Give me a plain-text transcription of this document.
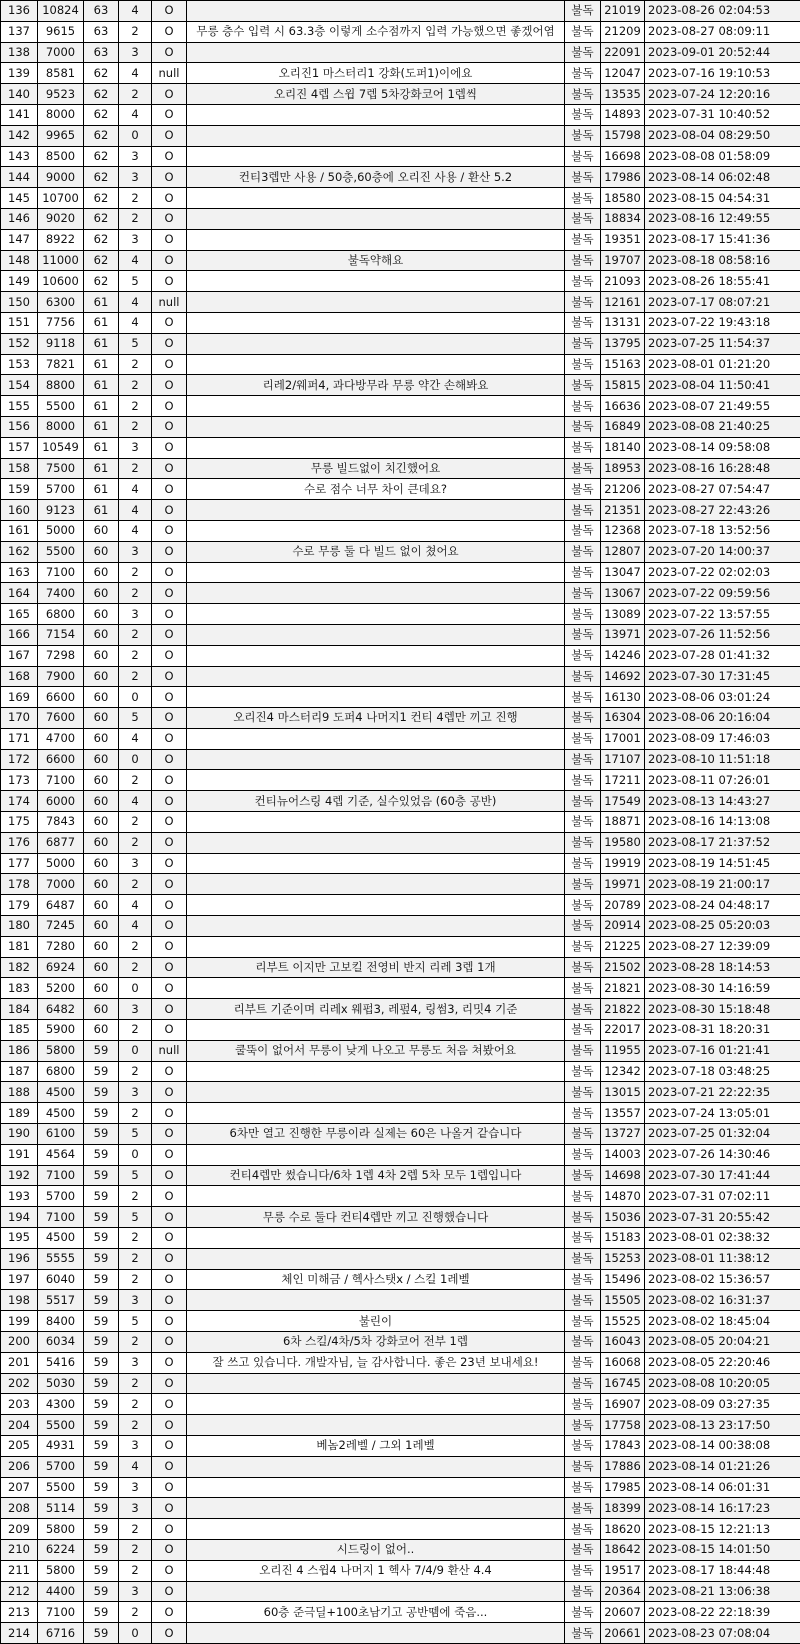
136	10824	63	4	O		불독	21019	2023-08-26 02:04:53
137	9615	63	2	O	무릉 층수 입력 시 63.3층 이렇게 소수점까지 입력 가능했으면 좋겠어염	불독	21209	2023-08-27 08:09:11
138	7000	63	3	O		불독	22091	2023-09-01 20:52:44
139	8581	62	4	null	오리진1 마스터리1 강화(도퍼1)이에요	불독	12047	2023-07-16 19:10:53
140	9523	62	2	O	오리진 4렙 스윕 7렙 5차강화코어 1렙씩	불독	13535	2023-07-24 12:20:16
141	8000	62	4	O		불독	14893	2023-07-31 10:40:52
142	9965	62	0	O		불독	15798	2023-08-04 08:29:50
143	8500	62	3	O		불독	16698	2023-08-08 01:58:09
144	9000	62	3	O	컨티3렙만 사용 / 50층,60층에 오리진 사용 / 환산 5.2	불독	17986	2023-08-14 06:02:48
145	10700	62	2	O		불독	18580	2023-08-15 04:54:31
146	9020	62	2	O		불독	18834	2023-08-16 12:49:55
147	8922	62	3	O		불독	19351	2023-08-17 15:41:36
148	11000	62	4	O	불독약해요	불독	19707	2023-08-18 08:58:16
149	10600	62	5	O		불독	21093	2023-08-26 18:55:41
150	6300	61	4	null		불독	12161	2023-07-17 08:07:21
151	7756	61	4	O		불독	13131	2023-07-22 19:43:18
152	9118	61	5	O		불독	13795	2023-07-25 11:54:37
153	7821	61	2	O		불독	15163	2023-08-01 01:21:20
154	8800	61	2	O	리레2/웨퍼4, 과다방무라 무릉 약간 손해봐요	불독	15815	2023-08-04 11:50:41
155	5500	61	2	O		불독	16636	2023-08-07 21:49:55
156	8000	61	2	O		불독	16849	2023-08-08 21:40:25
157	10549	61	3	O		불독	18140	2023-08-14 09:58:08
158	7500	61	2	O	무릉 빌드없이 치긴했어요	불독	18953	2023-08-16 16:28:48
159	5700	61	4	O	수로 점수 너무 차이 큰데요?	불독	21206	2023-08-27 07:54:47
160	9123	61	4	O		불독	21351	2023-08-27 22:43:26
161	5000	60	4	O		불독	12368	2023-07-18 13:52:56
162	5500	60	3	O	수로 무릉 둘 다 빌드 없이 쳤어요	불독	12807	2023-07-20 14:00:37
163	7100	60	2	O		불독	13047	2023-07-22 02:02:03
164	7400	60	2	O		불독	13067	2023-07-22 09:59:56
165	6800	60	3	O		불독	13089	2023-07-22 13:57:55
166	7154	60	2	O		불독	13971	2023-07-26 11:52:56
167	7298	60	2	O		불독	14246	2023-07-28 01:41:32
168	7900	60	2	O		불독	14692	2023-07-30 17:31:45
169	6600	60	0	O		불독	16130	2023-08-06 03:01:24
170	7600	60	5	O	오리진4 마스터리9 도퍼4 나머지1 컨티 4렙만 끼고 진행	불독	16304	2023-08-06 20:16:04
171	4700	60	4	O		불독	17001	2023-08-09 17:46:03
172	6600	60	0	O		불독	17107	2023-08-10 11:51:18
173	7100	60	2	O		불독	17211	2023-08-11 07:26:01
174	6000	60	4	O	컨티뉴어스링 4렙 기준, 실수있었음 (60층 공반)	불독	17549	2023-08-13 14:43:27
175	7843	60	2	O		불독	18871	2023-08-16 14:13:08
176	6877	60	2	O		불독	19580	2023-08-17 21:37:52
177	5000	60	3	O		불독	19919	2023-08-19 14:51:45
178	7000	60	2	O		불독	19971	2023-08-19 21:00:17
179	6487	60	4	O		불독	20789	2023-08-24 04:48:17
180	7245	60	4	O		불독	20914	2023-08-25 05:20:03
181	7280	60	2	O		불독	21225	2023-08-27 12:39:09
182	6924	60	2	O	리부트 이지만 고보킬 전영비 반지 리레 3렙 1개	불독	21502	2023-08-28 18:14:53
183	5200	60	0	O		불독	21821	2023-08-30 14:16:59
184	6482	60	3	O	리부트 기준이며 리레x 웨펍3, 레펖4, 링썸3, 리밋4 기준	불독	21822	2023-08-30 15:18:48
185	5900	60	2	O		불독	22017	2023-08-31 18:20:31
186	5800	59	0	null	쿨뚝이 없어서 무릉이 낮게 나오고 무릉도 처음 쳐봤어요	불독	11955	2023-07-16 01:21:41
187	6800	59	2	O		불독	12342	2023-07-18 03:48:25
188	4500	59	3	O		불독	13015	2023-07-21 22:22:35
189	4500	59	2	O		불독	13557	2023-07-24 13:05:01
190	6100	59	5	O	6차만 열고 진행한 무릉이라 실제는 60은 나올거 같습니다	불독	13727	2023-07-25 01:32:04
191	4564	59	0	O		불독	14003	2023-07-26 14:30:46
192	7100	59	5	O	컨티4렙만 썼습니다/6차 1렙 4차 2렙 5차 모두 1렙입니다	불독	14698	2023-07-30 17:41:44
193	5700	59	2	O		불독	14870	2023-07-31 07:02:11
194	7100	59	5	O	무릉 수로 둘다 컨티4렙만 끼고 진행했습니다	불독	15036	2023-07-31 20:55:42
195	4500	59	2	O		불독	15183	2023-08-01 02:38:32
196	5555	59	2	O		불독	15253	2023-08-01 11:38:12
197	6040	59	2	O	체인 미해금 / 헥사스탯x / 스킬 1레벨	불독	15496	2023-08-02 15:36:57
198	5517	59	3	O		불독	15505	2023-08-02 16:31:37
199	8400	59	5	O	불린이	불독	15525	2023-08-02 18:45:04
200	6034	59	2	O	6차 스킬/4차/5차 강화코어 전부 1렙	불독	16043	2023-08-05 20:04:21
201	5416	59	3	O	잘 쓰고 있습니다. 개발자님, 늘 감사합니다. 좋은 23년 보내세요!	불독	16068	2023-08-05 22:20:46
202	5030	59	2	O		불독	16745	2023-08-08 10:20:05
203	4300	59	2	O		불독	16907	2023-08-09 03:27:35
204	5500	59	2	O		불독	17758	2023-08-13 23:17:50
205	4931	59	3	O	베놈2레벨 / 그외 1레벨	불독	17843	2023-08-14 00:38:08
206	5700	59	4	O		불독	17886	2023-08-14 01:21:26
207	5500	59	3	O		불독	17985	2023-08-14 06:01:31
208	5114	59	3	O		불독	18399	2023-08-14 16:17:23
209	5800	59	2	O		불독	18620	2023-08-15 12:21:13
210	6224	59	2	O	시드링이 없어..	불독	18642	2023-08-15 14:01:50
211	5800	59	2	O	오리진 4 스윕4 나머지 1 헥사 7/4/9 환산 4.4	불독	19517	2023-08-17 18:44:48
212	4400	59	3	O		불독	20364	2023-08-21 13:06:38
213	7100	59	2	O	60층 준극딜+100초남기고 공반뗌에 죽음...	불독	20607	2023-08-22 22:18:39
214	6716	59	0	O		불독	20661	2023-08-23 07:08:04
